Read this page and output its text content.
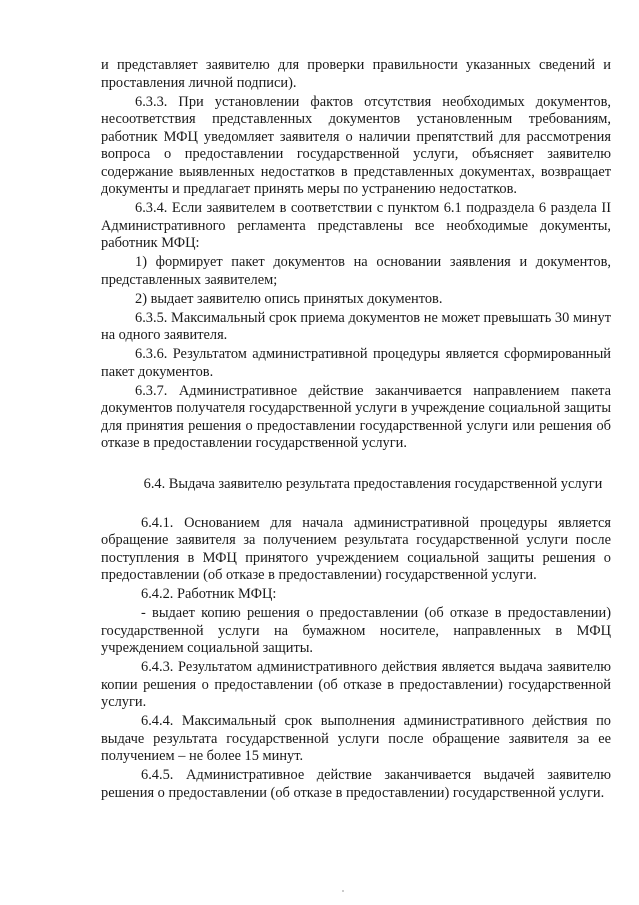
и представляет заявителю для проверки правильности указанных сведений и проставления личной подписи).

6.3.3. При установлении фактов отсутствия необходимых документов, несоответствия представленных документов установленным требованиям, работник МФЦ уведомляет заявителя о наличии препятствий для рассмотрения вопроса о предоставлении государственной услуги, объясняет заявителю содержание выявленных недостатков в представленных документах, возвращает документы и предлагает принять меры по устранению недостатков.

6.3.4. Если заявителем в соответствии с пунктом 6.1 подраздела 6 раздела II Административного регламента представлены все необходимые документы, работник МФЦ:

1) формирует пакет документов на основании заявления и документов, представленных заявителем;

2) выдает заявителю опись принятых документов.

6.3.5. Максимальный срок приема документов не может превышать 30 минут на одного заявителя.

6.3.6. Результатом административной процедуры является сформированный пакет документов.

6.3.7. Административное действие заканчивается направлением пакета документов получателя государственной услуги в учреждение социальной защиты для принятия решения о предоставлении государственной услуги или решения об отказе в предоставлении государственной услуги.

6.4. Выдача заявителю результата предоставления государственной услуги

6.4.1. Основанием для начала административной процедуры является обращение заявителя за получением результата государственной услуги после поступления в МФЦ принятого учреждением социальной защиты решения о предоставлении (об отказе в предоставлении) государственной услуги.

6.4.2. Работник МФЦ:

- выдает копию решения о предоставлении (об отказе в предоставлении) государственной услуги на бумажном носителе, направленных в МФЦ учреждением социальной защиты.

6.4.3. Результатом административного действия является выдача заявителю копии решения о предоставлении (об отказе в предоставлении) государственной услуги.

6.4.4. Максимальный срок выполнения административного действия по выдаче результата государственной услуги после обращение заявителя за ее получением – не более 15 минут.

6.4.5. Административное действие заканчивается выдачей заявителю решения о предоставлении (об отказе в предоставлении) государственной услуги.
